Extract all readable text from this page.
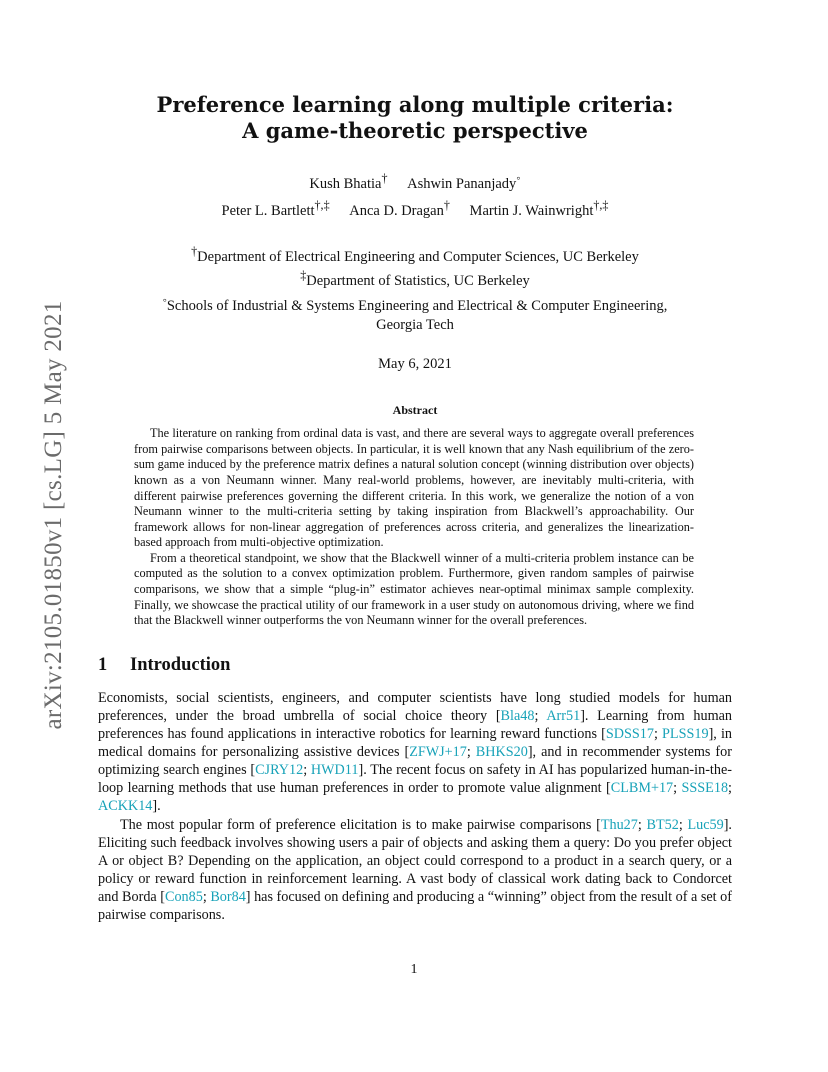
arXiv:2105.01850v1 [cs.LG] 5 May 2021
Preference learning along multiple criteria:
A game-theoretic perspective
Kush Bhatia† Ashwin Pananjady◦
Peter L. Bartlett†,‡ Anca D. Dragan† Martin J. Wainwright†,‡
†Department of Electrical Engineering and Computer Sciences, UC Berkeley
‡Department of Statistics, UC Berkeley
◦Schools of Industrial & Systems Engineering and Electrical & Computer Engineering,
Georgia Tech
May 6, 2021
Abstract

The literature on ranking from ordinal data is vast, and there are several ways to aggregate overall preferences from pairwise comparisons between objects. In particular, it is well known that any Nash equilibrium of the zero-sum game induced by the preference matrix defines a natural solution concept (winning distribution over objects) known as a von Neumann winner. Many real-world problems, however, are inevitably multi-criteria, with different pairwise preferences governing the different criteria. In this work, we generalize the notion of a von Neumann winner to the multi-criteria setting by taking inspiration from Blackwell’s approachability. Our framework allows for non-linear aggregation of preferences across criteria, and generalizes the linearization-based approach from multi-objective optimization.

From a theoretical standpoint, we show that the Blackwell winner of a multi-criteria problem instance can be computed as the solution to a convex optimization problem. Furthermore, given random samples of pairwise comparisons, we show that a simple “plug-in” estimator achieves near-optimal minimax sample complexity. Finally, we showcase the practical utility of our framework in a user study on autonomous driving, where we find that the Blackwell winner outperforms the von Neumann winner for the overall preferences.

1 Introduction

Economists, social scientists, engineers, and computer scientists have long studied models for human preferences, under the broad umbrella of social choice theory [Bla48; Arr51]. Learning from human preferences has found applications in interactive robotics for learning reward functions [SDSS17; PLSS19], in medical domains for personalizing assistive devices [ZFWJ+17; BHKS20], and in recommender systems for optimizing search engines [CJRY12; HWD11]. The recent focus on safety in AI has popularized human-in-the-loop learning methods that use human preferences in order to promote value alignment [CLBM+17; SSSE18; ACKK14].

The most popular form of preference elicitation is to make pairwise comparisons [Thu27; BT52; Luc59]. Eliciting such feedback involves showing users a pair of objects and asking them a query: Do you prefer object A or object B? Depending on the application, an object could correspond to a product in a search query, or a policy or reward function in reinforcement learning. A vast body of classical work dating back to Condorcet and Borda [Con85; Bor84] has focused on defining and producing a “winning” object from the result of a set of pairwise comparisons.

1
